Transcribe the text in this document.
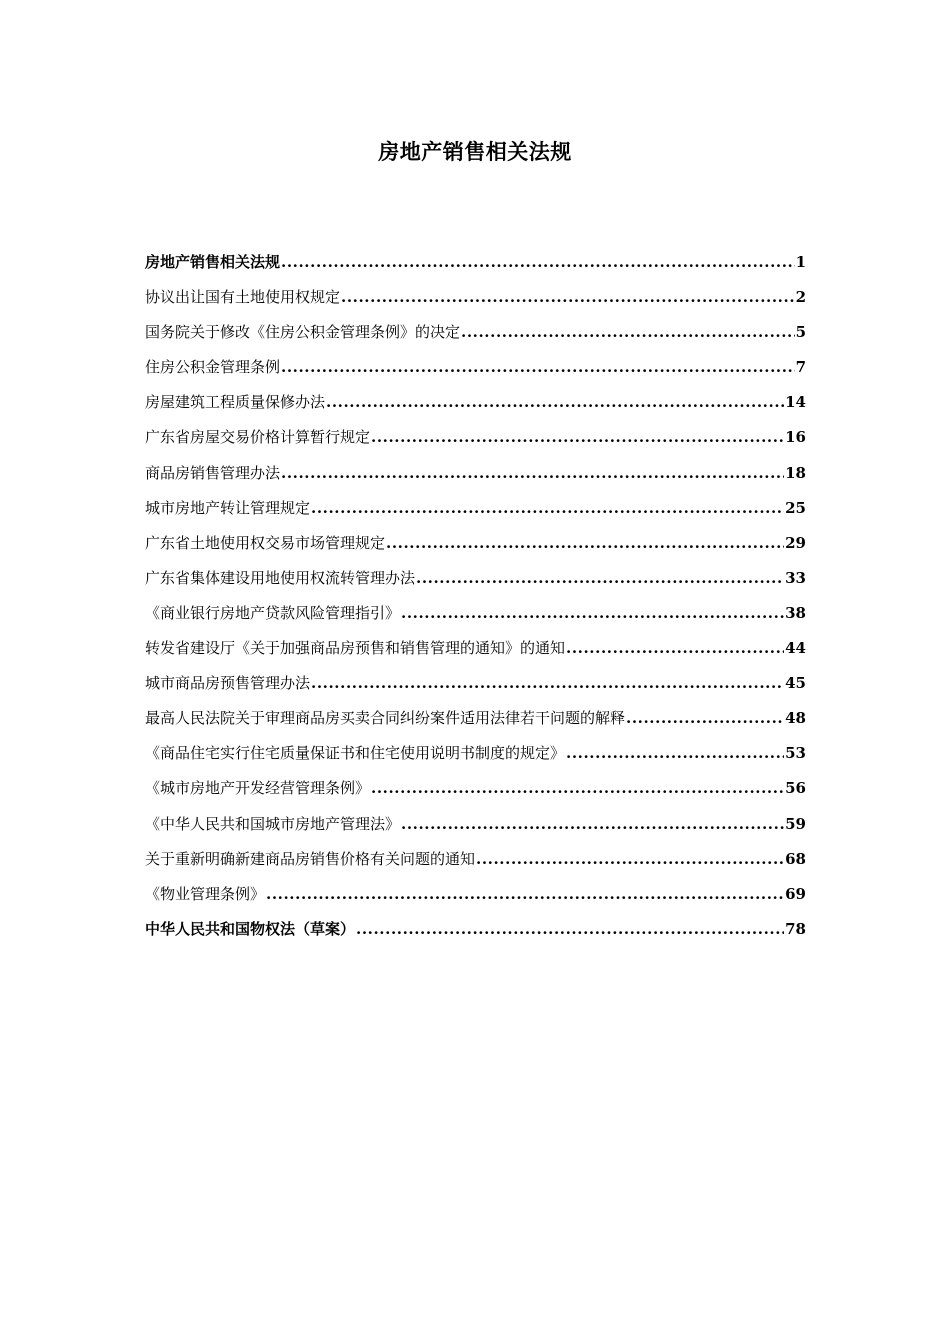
房地产销售相关法规
房地产销售相关法规 .....	1
协议出让国有土地使用权规定 .....	2
国务院关于修改《住房公积金管理条例》的决定 .....	5
住房公积金管理条例 .....	7
房屋建筑工程质量保修办法 .....	14
广东省房屋交易价格计算暂行规定 .....	16
商品房销售管理办法 .....	18
城市房地产转让管理规定 .....	25
广东省土地使用权交易市场管理规定 .....	29
广东省集体建设用地使用权流转管理办法 .....	33
《商业银行房地产贷款风险管理指引》 .....	38
转发省建设厅《关于加强商品房预售和销售管理的通知》的通知 .....	44
城市商品房预售管理办法 .....	45
最高人民法院关于审理商品房买卖合同纠纷案件适用法律若干问题的解释 .....	48
《商品住宅实行住宅质量保证书和住宅使用说明书制度的规定》 .....	53
《城市房地产开发经营管理条例》 .....	56
《中华人民共和国城市房地产管理法》 .....	59
关于重新明确新建商品房销售价格有关问题的通知 .....	68
《物业管理条例》 .....	69
中华人民共和国物权法（草案） .....	78
